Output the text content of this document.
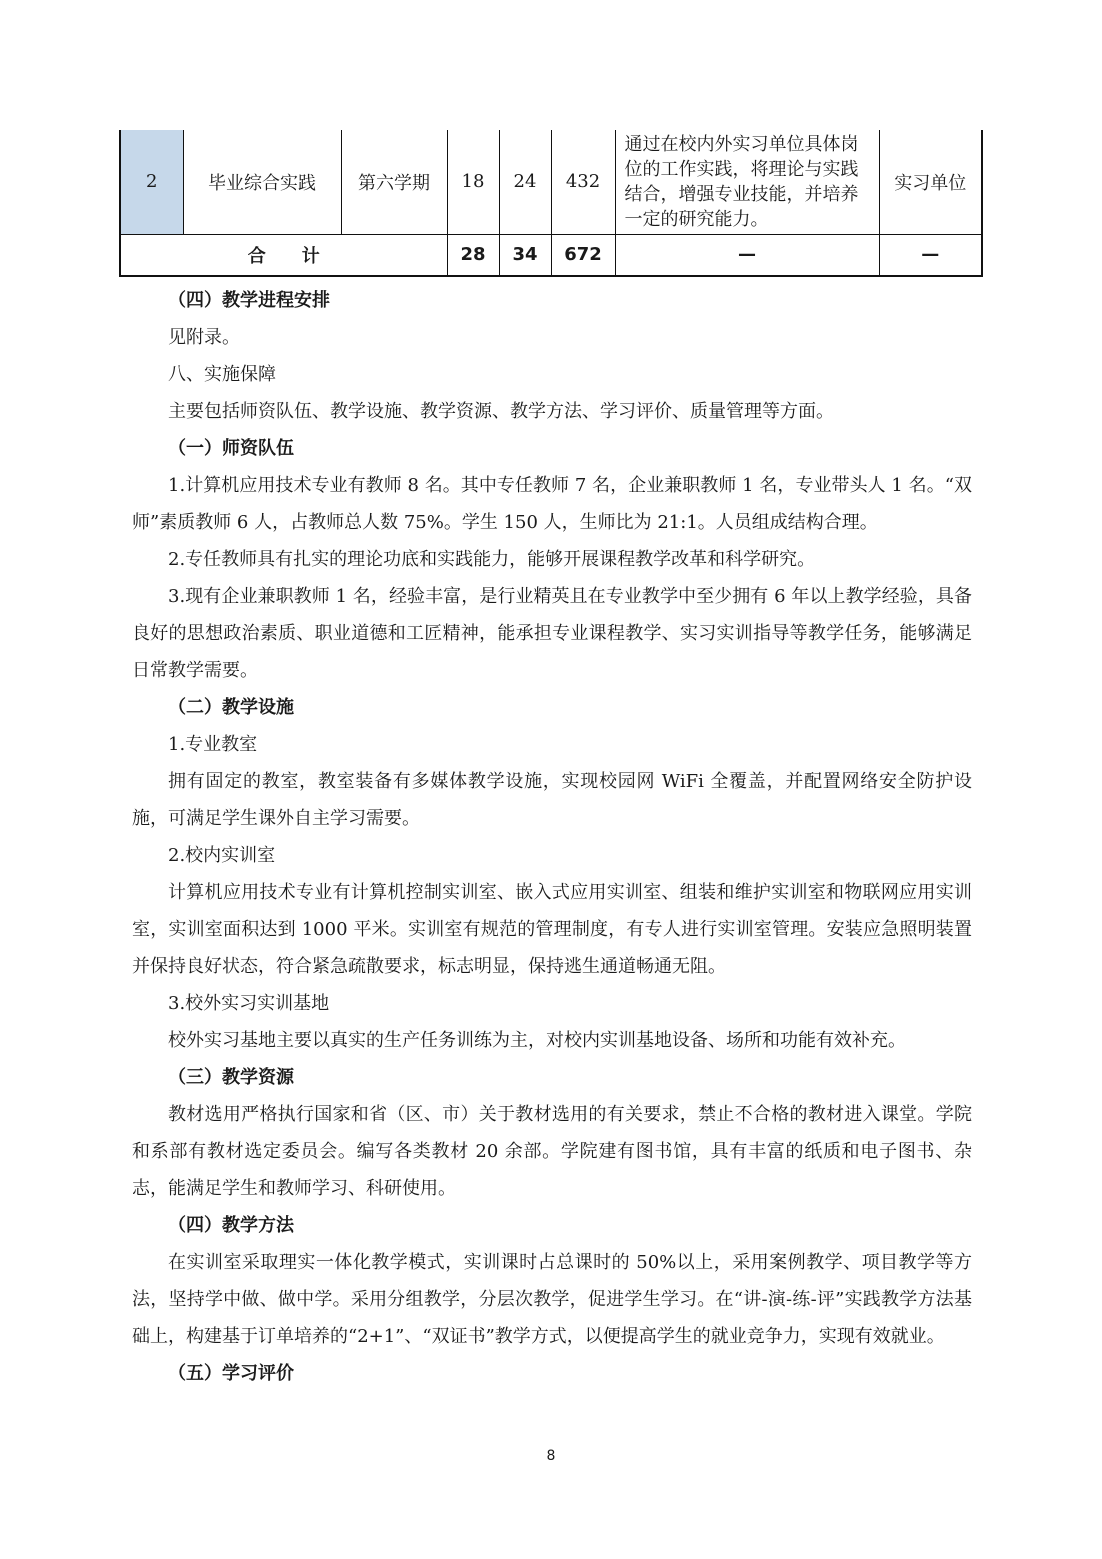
2	毕业综合实践	第六学期	18	24	432	通过在校内外实习单位具体岗位的工作实践，将理论与实践结合，增强专业技能，并培养一定的研究能力。	实习单位
合　　计			28	34	672	—	—

（四）教学进程安排

见附录。

八、实施保障

主要包括师资队伍、教学设施、教学资源、教学方法、学习评价、质量管理等方面。

（一）师资队伍

1.计算机应用技术专业有教师 8 名。其中专任教师 7 名，企业兼职教师 1 名，专业带头人 1 名。“双师”素质教师 6 人，占教师总人数 75%。学生 150 人，生师比为 21:1。人员组成结构合理。

2.专任教师具有扎实的理论功底和实践能力，能够开展课程教学改革和科学研究。

3.现有企业兼职教师 1 名，经验丰富，是行业精英且在专业教学中至少拥有 6 年以上教学经验，具备良好的思想政治素质、职业道德和工匠精神，能承担专业课程教学、实习实训指导等教学任务，能够满足日常教学需要。

（二）教学设施

1.专业教室

拥有固定的教室，教室装备有多媒体教学设施，实现校园网 WiFi 全覆盖，并配置网络安全防护设施，可满足学生课外自主学习需要。

2.校内实训室

计算机应用技术专业有计算机控制实训室、嵌入式应用实训室、组装和维护实训室和物联网应用实训室，实训室面积达到 1000 平米。实训室有规范的管理制度，有专人进行实训室管理。安装应急照明装置并保持良好状态，符合紧急疏散要求，标志明显，保持逃生通道畅通无阻。

3.校外实习实训基地

校外实习基地主要以真实的生产任务训练为主，对校内实训基地设备、场所和功能有效补充。

（三）教学资源

教材选用严格执行国家和省（区、市）关于教材选用的有关要求，禁止不合格的教材进入课堂。学院和系部有教材选定委员会。编写各类教材 20 余部。学院建有图书馆，具有丰富的纸质和电子图书、杂志，能满足学生和教师学习、科研使用。

（四）教学方法

在实训室采取理实一体化教学模式，实训课时占总课时的 50%以上，采用案例教学、项目教学等方法，坚持学中做、做中学。采用分组教学，分层次教学，促进学生学习。在“讲-演-练-评”实践教学方法基础上，构建基于订单培养的“2+1”、“双证书”教学方式，以便提高学生的就业竞争力，实现有效就业。

（五）学习评价

8
